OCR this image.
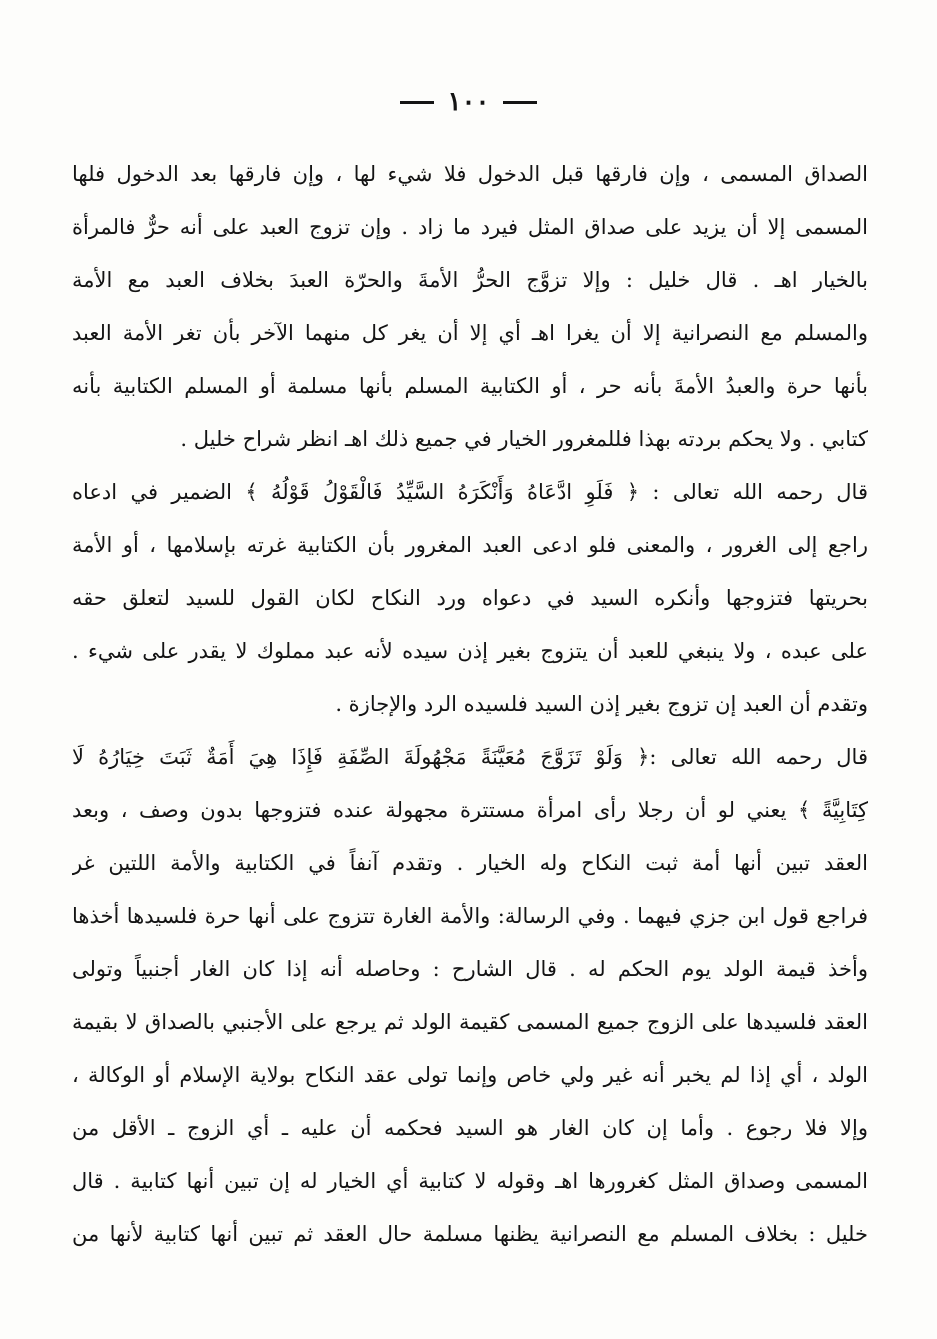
١٠٠
الصداق المسمى ، وإن فارقها قبل الدخول فلا شيء لها ، وإن فارقها بعد الدخول فلها
المسمى إلا أن يزيد على صداق المثل فيرد ما زاد . وإن تزوج العبد على أنه حرٌّ فالمرأة
بالخيار اهـ . قال خليل : وإلا تزوَّج الحرُّ الأمةَ والحرّة العبدَ بخلاف العبد مع الأمة
والمسلم مع النصرانية إلا أن يغرا اهـ أي إلا أن يغر كل منهما الآخر بأن تغر الأمة العبد
بأنها حرة والعبدُ الأمةَ بأنه حر ، أو الكتابية المسلم بأنها مسلمة أو المسلم الكتابية بأنه
كتابي . ولا يحكم بردته بهذا فللمغرور الخيار في جميع ذلك اهـ انظر شراح خليل .
قال رحمه الله تعالى : ﴿ فَلَوِ ادَّعَاهُ وَأَنْكَرَهُ السَّيِّدُ فَالْقَوْلُ قَوْلُهُ ﴾ الضمير في ادعاه
راجع إلى الغرور ، والمعنى فلو ادعى العبد المغرور بأن الكتابية غرته بإسلامها ، أو الأمة
بحريتها فتزوجها وأنكره السيد في دعواه ورد النكاح لكان القول للسيد لتعلق حقه
على عبده ، ولا ينبغي للعبد أن يتزوج بغير إذن سيده لأنه عبد مملوك لا يقدر على شيء .
وتقدم أن العبد إن تزوج بغير إذن السيد فلسيده الرد والإجازة .
قال رحمه الله تعالى :﴿ وَلَوْ تَزَوَّجَ مُعَيَّنَةً مَجْهُولَةَ الصِّفَةِ فَإِذَا هِيَ أَمَةٌ ثَبَتَ خِيَارُهُ لَا
كِتَابِيَّةً ﴾ يعني لو أن رجلا رأى امرأة مستترة مجهولة عنده فتزوجها بدون وصف ، وبعد
العقد تبين أنها أمة ثبت النكاح وله الخيار . وتقدم آنفاً في الكتابية والأمة اللتين غر
فراجع قول ابن جزي فيهما . وفي الرسالة: والأمة الغارة تتزوج على أنها حرة فلسيدها أخذها
وأخذ قيمة الولد يوم الحكم له . قال الشارح : وحاصله أنه إذا كان الغار أجنبياً وتولى
العقد فلسيدها على الزوج جميع المسمى كقيمة الولد ثم يرجع على الأجنبي بالصداق لا بقيمة
الولد ، أي إذا لم يخبر أنه غير ولي خاص وإنما تولى عقد النكاح بولاية الإسلام أو الوكالة ،
وإلا فلا رجوع . وأما إن كان الغار هو السيد فحكمه أن عليه ـ أي الزوج ـ الأقل من
المسمى وصداق المثل كغرورها اهـ وقوله لا كتابية أي الخيار له إن تبين أنها كتابية . قال
خليل : بخلاف المسلم مع النصرانية يظنها مسلمة حال العقد ثم تبين أنها كتابية لأنها من
